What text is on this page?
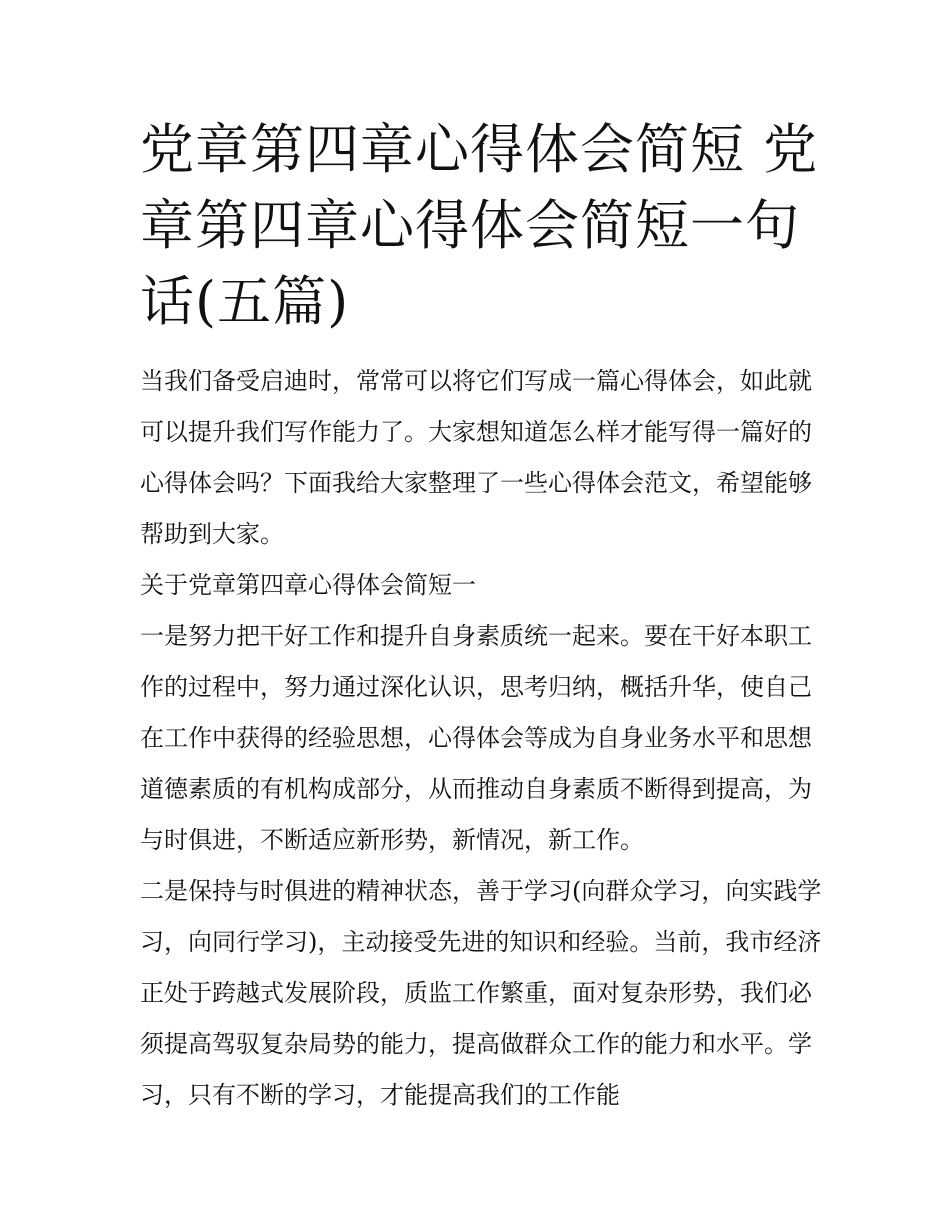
党章第四章心得体会简短 党章第四章心得体会简短一句话(五篇)

当我们备受启迪时，常常可以将它们写成一篇心得体会，如此就可以提升我们写作能力了。大家想知道怎么样才能写得一篇好的心得体会吗？下面我给大家整理了一些心得体会范文，希望能够帮助到大家。

关于党章第四章心得体会简短一

一是努力把干好工作和提升自身素质统一起来。要在干好本职工作的过程中，努力通过深化认识，思考归纳，概括升华，使自己在工作中获得的经验思想，心得体会等成为自身业务水平和思想道德素质的有机构成部分，从而推动自身素质不断得到提高，为与时俱进，不断适应新形势，新情况，新工作。

二是保持与时俱进的精神状态，善于学习(向群众学习，向实践学习，向同行学习)，主动接受先进的知识和经验。当前，我市经济正处于跨越式发展阶段，质监工作繁重，面对复杂形势，我们必须提高驾驭复杂局势的能力，提高做群众工作的能力和水平。学习，只有不断的学习，才能提高我们的工作能
